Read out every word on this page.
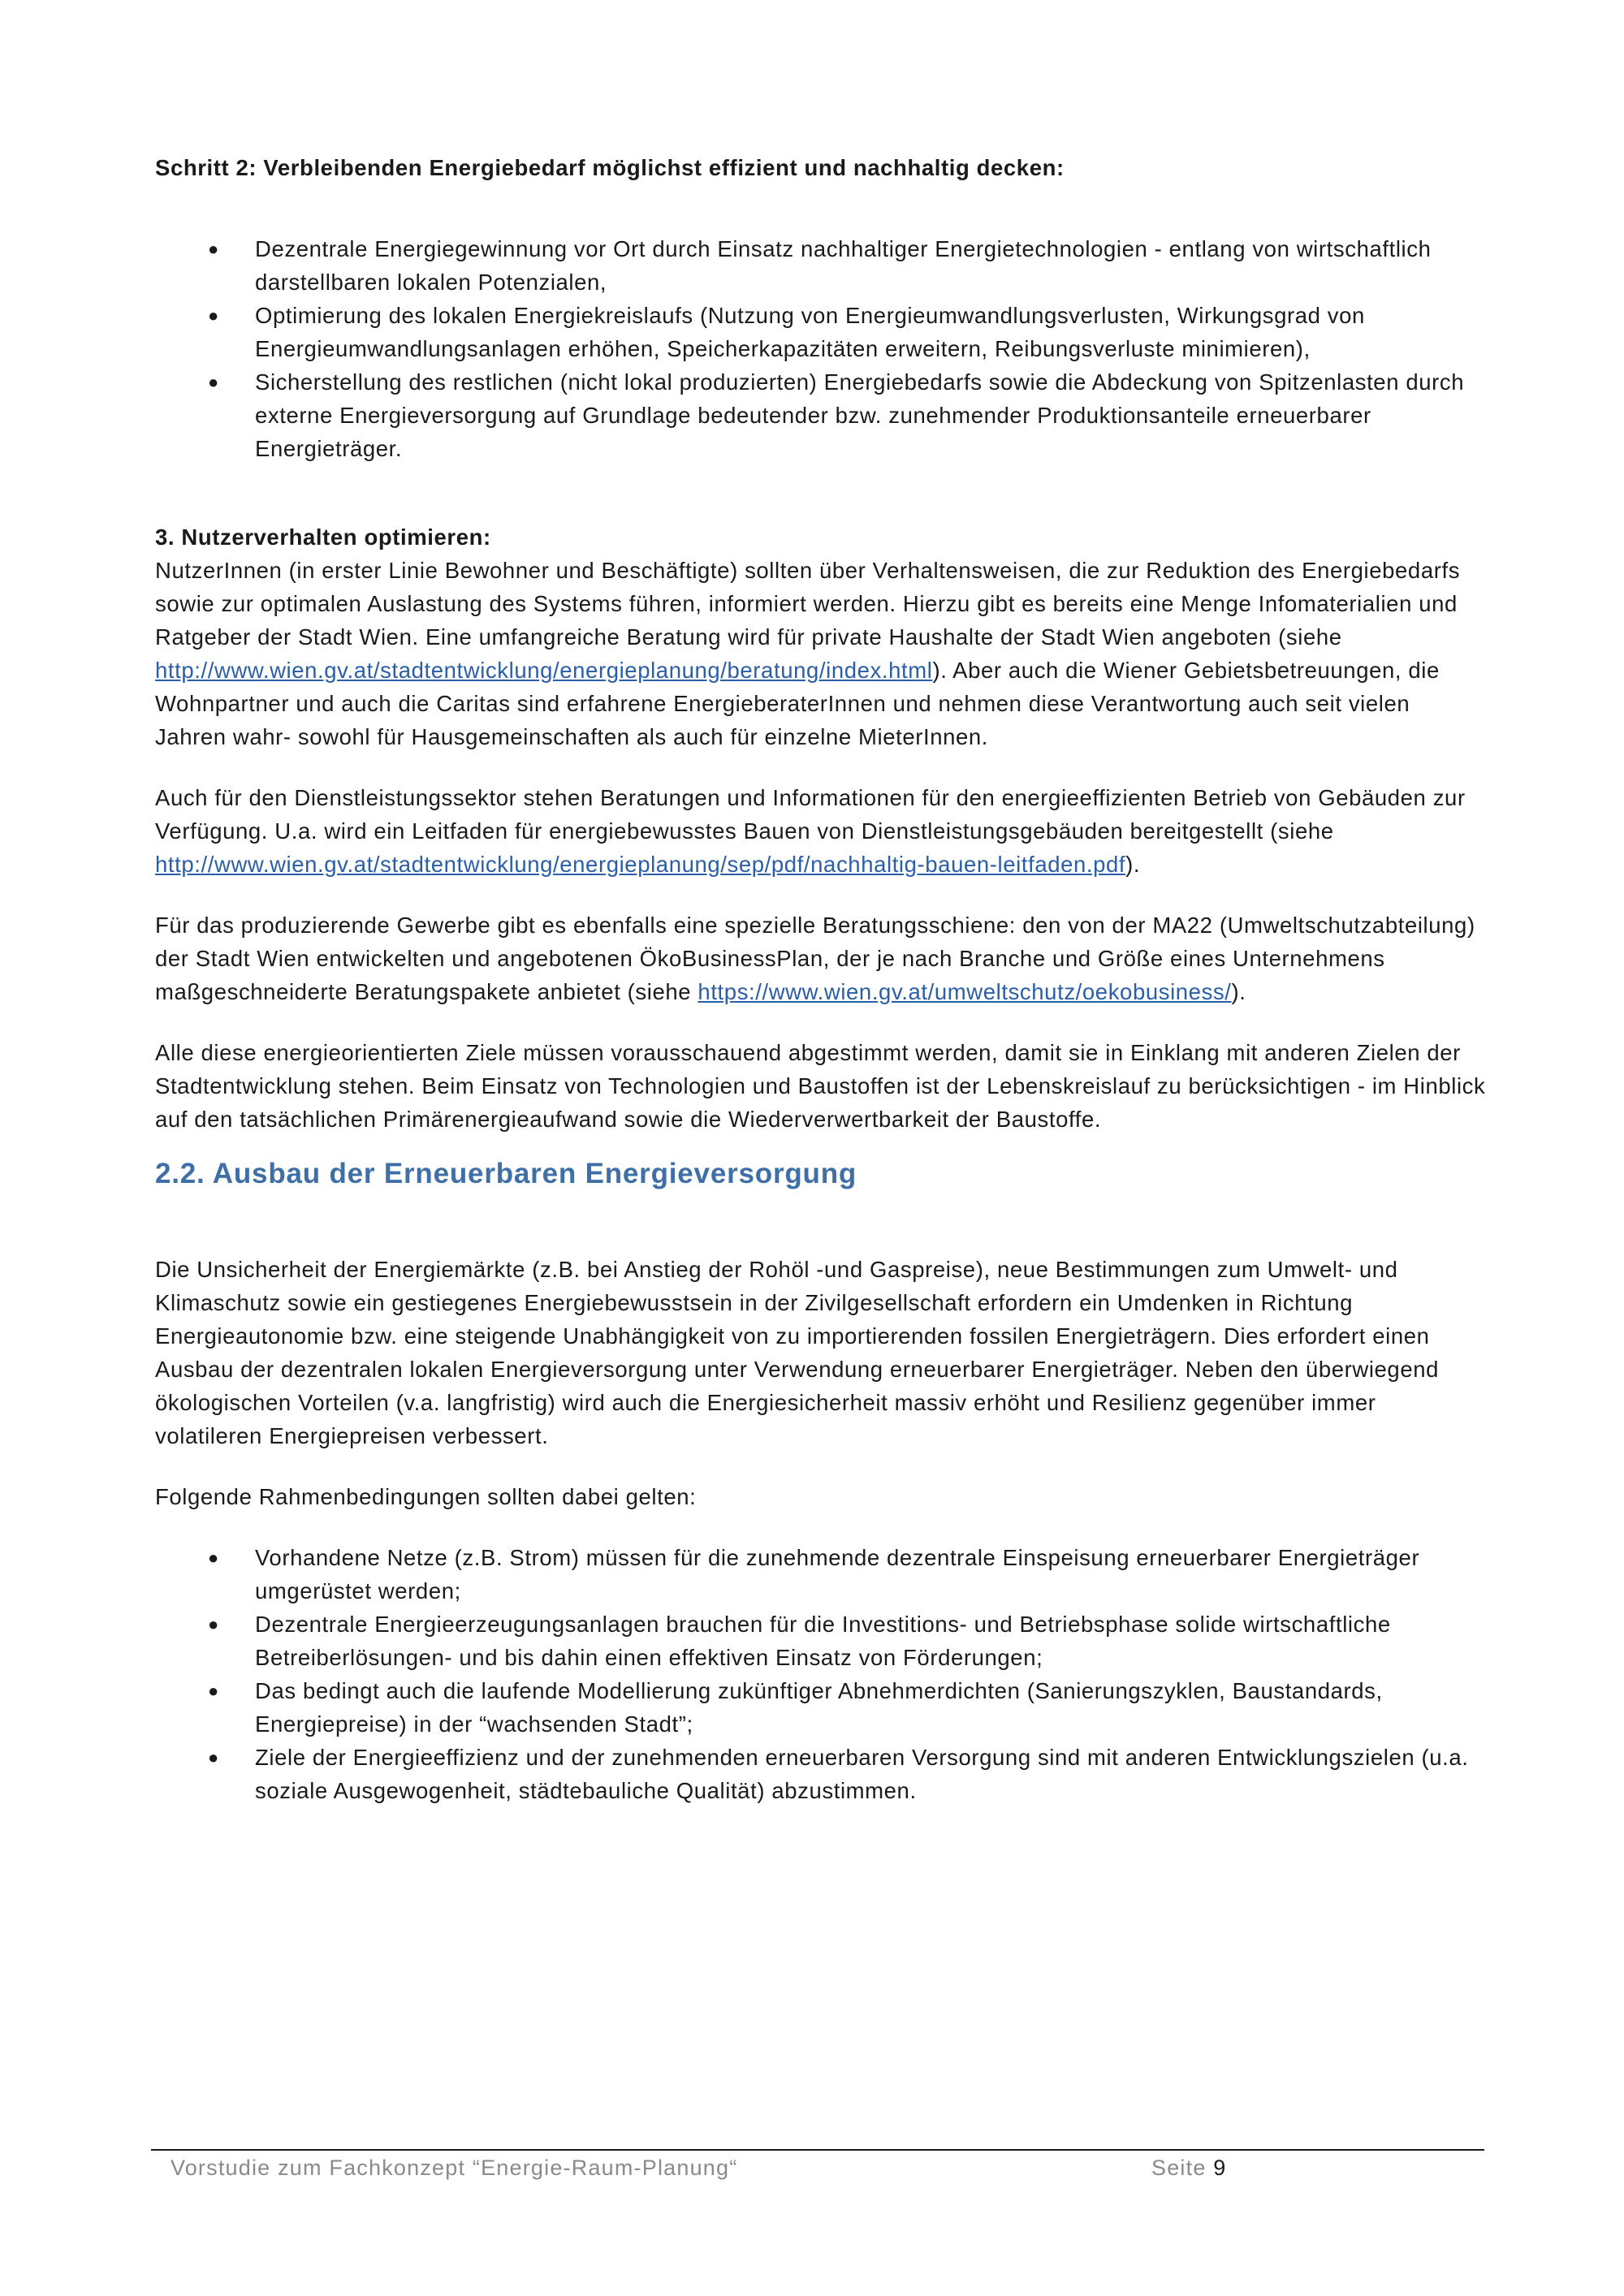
Schritt 2: Verbleibenden Energiebedarf möglichst effizient und nachhaltig decken:

● Dezentrale Energiegewinnung vor Ort durch Einsatz nachhaltiger Energietechnologien - entlang von wirtschaftlich darstellbaren lokalen Potenzialen,
● Optimierung des lokalen Energiekreislaufs (Nutzung von Energieumwandlungsverlusten, Wirkungsgrad von Energieumwandlungsanlagen erhöhen, Speicherkapazitäten erweitern, Reibungsverluste minimieren),
● Sicherstellung des restlichen (nicht lokal produzierten) Energiebedarfs sowie die Abdeckung von Spitzenlasten durch externe Energieversorgung auf Grundlage bedeutender bzw. zunehmender Produktionsanteile erneuerbarer Energieträger.

3. Nutzerverhalten optimieren:

NutzerInnen (in erster Linie Bewohner und Beschäftigte) sollten über Verhaltensweisen, die zur Reduktion des Energiebedarfs sowie zur optimalen Auslastung des Systems führen, informiert werden. Hierzu gibt es bereits eine Menge Infomaterialien und Ratgeber der Stadt Wien. Eine umfangreiche Beratung wird für private Haushalte der Stadt Wien angeboten (siehe http://www.wien.gv.at/stadtentwicklung/energieplanung/beratung/index.html). Aber auch die Wiener Gebietsbetreuungen, die Wohnpartner und auch die Caritas sind erfahrene EnergieberaterInnen und nehmen diese Verantwortung auch seit vielen Jahren wahr- sowohl für Hausgemeinschaften als auch für einzelne MieterInnen.

Auch für den Dienstleistungssektor stehen Beratungen und Informationen für den energieeffizienten Betrieb von Gebäuden zur Verfügung. U.a. wird ein Leitfaden für energiebewusstes Bauen von Dienstleistungsgebäuden bereitgestellt (siehe http://www.wien.gv.at/stadtentwicklung/energieplanung/sep/pdf/nachhaltig-bauen-leitfaden.pdf).

Für das produzierende Gewerbe gibt es ebenfalls eine spezielle Beratungsschiene: den von der MA22 (Umweltschutzabteilung) der Stadt Wien entwickelten und angebotenen ÖkoBusinessPlan, der je nach Branche und Größe eines Unternehmens maßgeschneiderte Beratungspakete anbietet (siehe https://www.wien.gv.at/umweltschutz/oekobusiness/).

Alle diese energieorientierten Ziele müssen vorausschauend abgestimmt werden, damit sie in Einklang mit anderen Zielen der Stadtentwicklung stehen. Beim Einsatz von Technologien und Baustoffen ist der Lebenskreislauf zu berücksichtigen - im Hinblick auf den tatsächlichen Primärenergieaufwand sowie die Wiederverwertbarkeit der Baustoffe.

2.2. Ausbau der Erneuerbaren Energieversorgung

Die Unsicherheit der Energiemärkte (z.B. bei Anstieg der Rohöl -und Gaspreise), neue Bestimmungen zum Umwelt- und Klimaschutz sowie ein gestiegenes Energiebewusstsein in der Zivilgesellschaft erfordern ein Umdenken in Richtung Energieautonomie bzw. eine steigende Unabhängigkeit von zu importierenden fossilen Energieträgern. Dies erfordert einen Ausbau der dezentralen lokalen Energieversorgung unter Verwendung erneuerbarer Energieträger. Neben den überwiegend ökologischen Vorteilen (v.a. langfristig) wird auch die Energiesicherheit massiv erhöht und Resilienz gegenüber immer volatileren Energiepreisen verbessert.

Folgende Rahmenbedingungen sollten dabei gelten:

● Vorhandene Netze (z.B. Strom) müssen für die zunehmende dezentrale Einspeisung erneuerbarer Energieträger umgerüstet werden;
● Dezentrale Energieerzeugungsanlagen brauchen für die Investitions- und Betriebsphase solide wirtschaftliche Betreiberlösungen- und bis dahin einen effektiven Einsatz von Förderungen;
● Das bedingt auch die laufende Modellierung zukünftiger Abnehmerdichten (Sanierungszyklen, Baustandards, Energiepreise) in der “wachsenden Stadt”;
● Ziele der Energieeffizienz und der zunehmenden erneuerbaren Versorgung sind mit anderen Entwicklungszielen (u.a. soziale Ausgewogenheit, städtebauliche Qualität) abzustimmen.
Vorstudie zum Fachkonzept “Energie-Raum-Planung“	Seite 9
